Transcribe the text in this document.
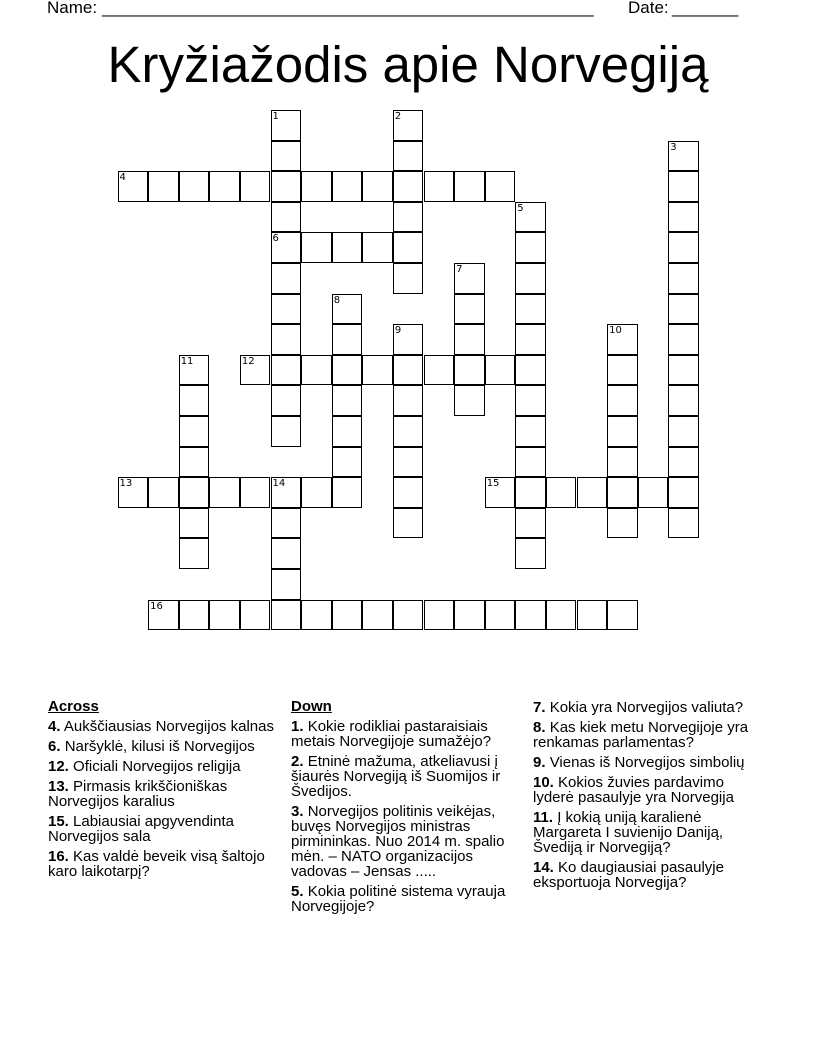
Name: ____________________________________________________ Date: _______
Kryžiažodis apie Norvegiją
1	2
3
4
5
6
7
8
9	10
11	12
13	14	15
16
Across
4. Aukščiausias Norvegijos kalnas
6. Naršyklė, kilusi iš Norvegijos
12. Oficiali Norvegijos religija
13. Pirmasis krikščioniškas Norvegijos karalius
15. Labiausiai apgyvendinta Norvegijos sala
16. Kas valdė beveik visą šaltojo karo laikotarpį?
Down
1. Kokie rodikliai pastaraisiais metais Norvegijoje sumažėjo?
2. Etninė mažuma, atkeliavusi į šiaurės Norvegiją iš Suomijos ir Švedijos.
3. Norvegijos politinis veikėjas, buvęs Norvegijos ministras pirmininkas. Nuo 2014 m. spalio mėn. – NATO organizacijos vadovas – Jensas .....
5. Kokia politinė sistema vyrauja Norvegijoje?
7. Kokia yra Norvegijos valiuta?
8. Kas kiek metu Norvegijoje yra renkamas parlamentas?
9. Vienas iš Norvegijos simbolių
10. Kokios žuvies pardavimo lyderė pasaulyje yra Norvegija
11. Į kokią uniją karalienė Margareta I suvienijo Daniją, Švediją ir Norvegiją?
14. Ko daugiausiai pasaulyje eksportuoja Norvegija?
